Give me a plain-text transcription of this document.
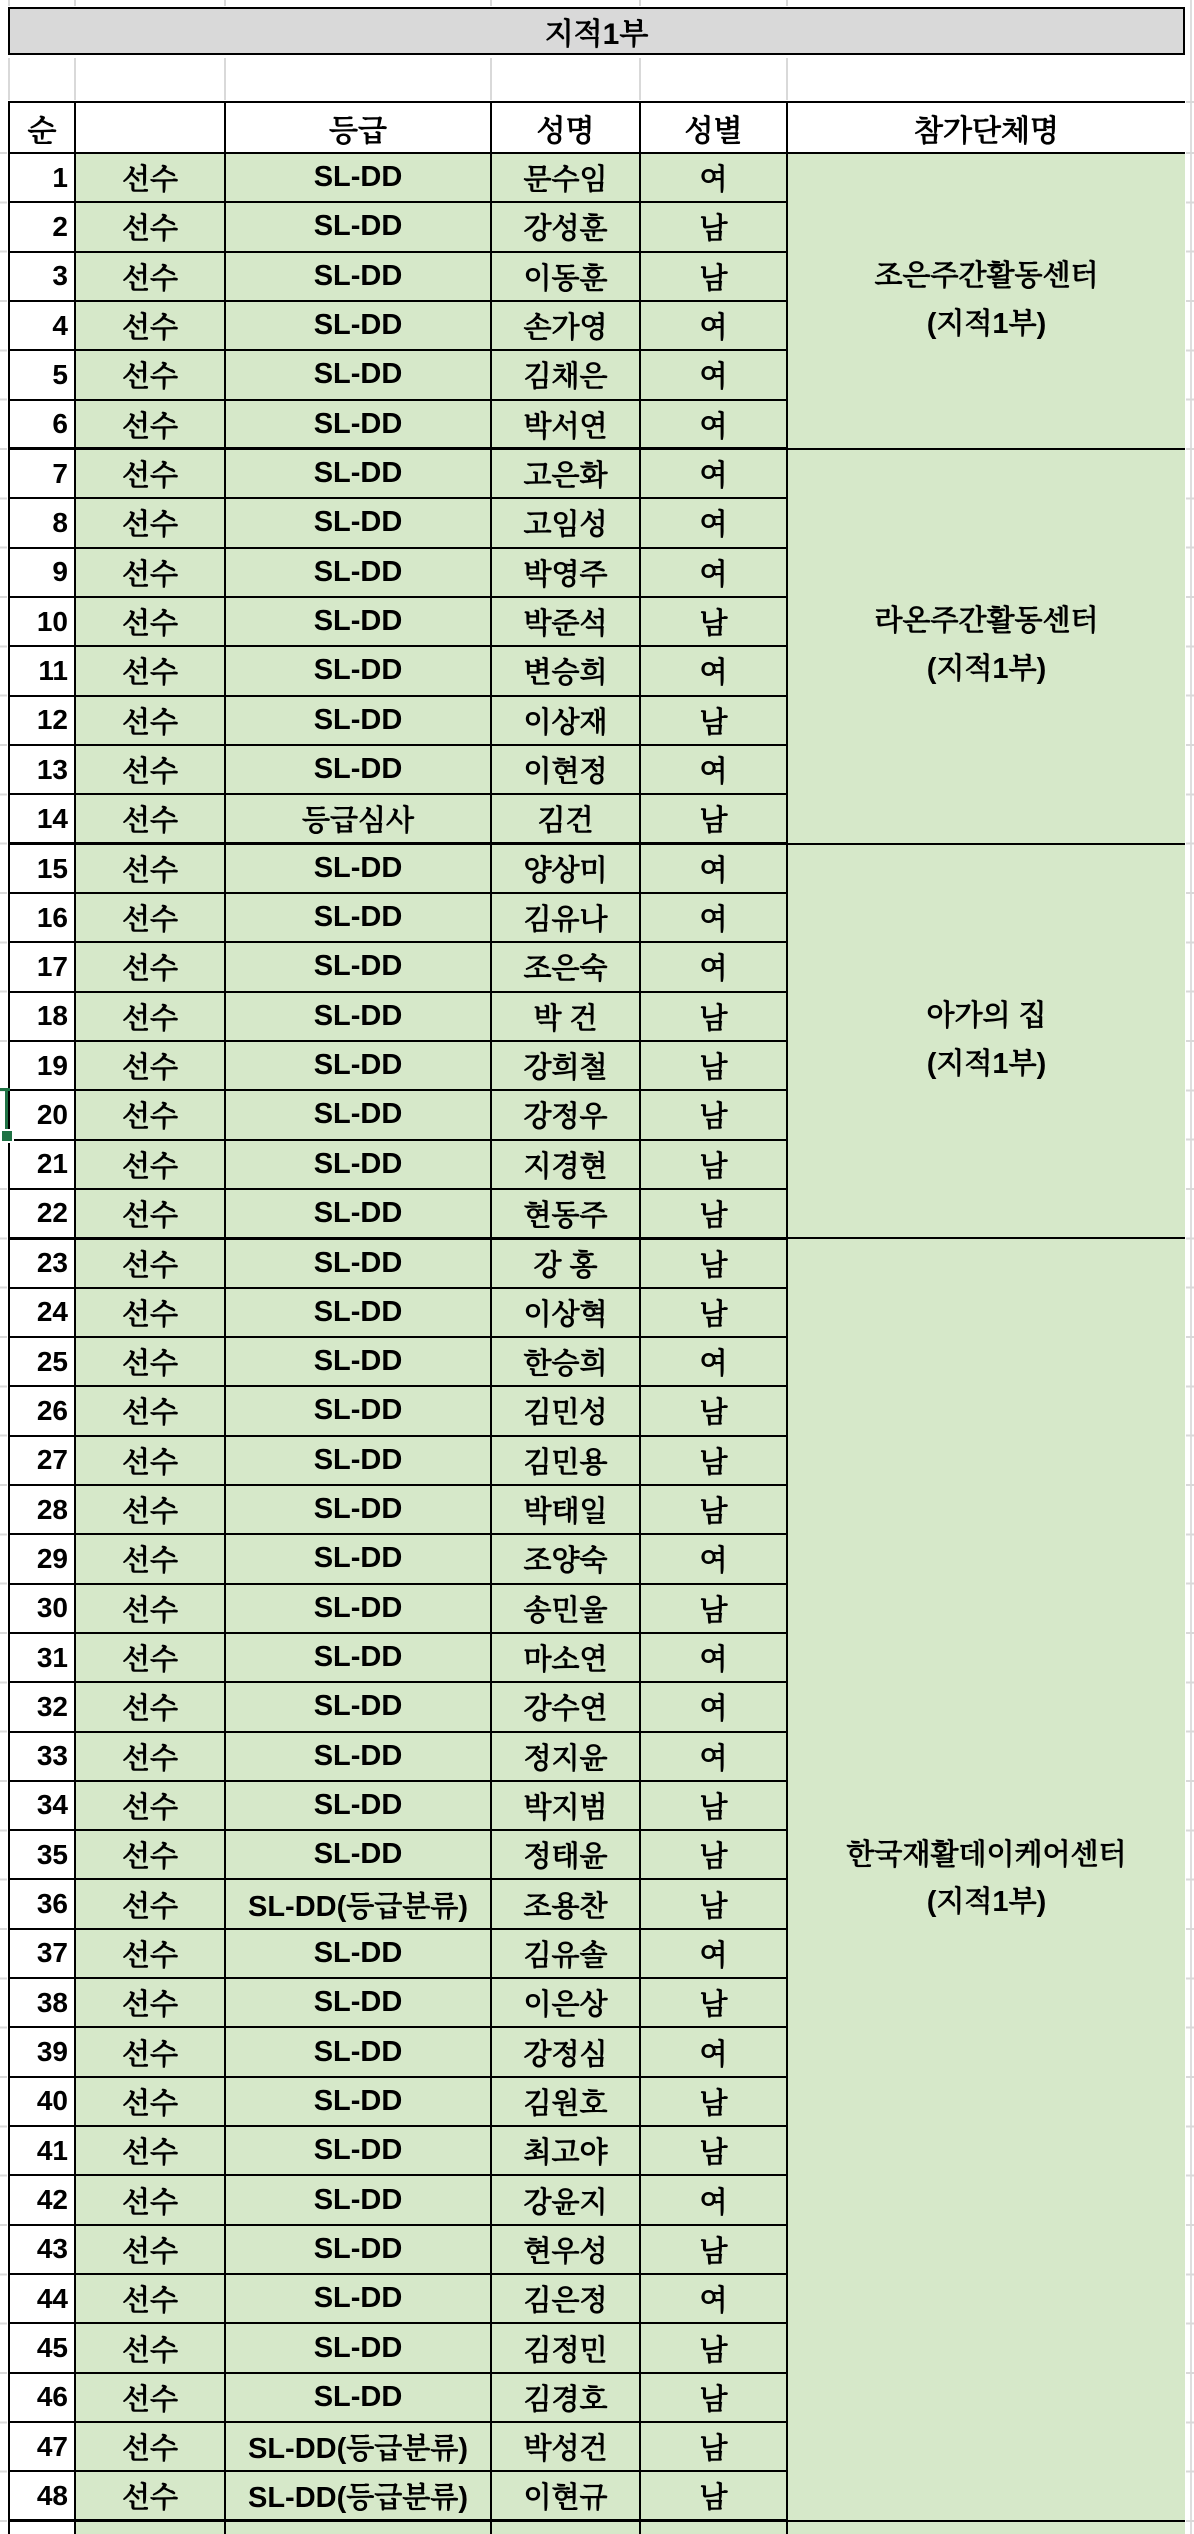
지적1부
순		등급	성명	성별	참가단체명
1	선수	SL-DD	문수임	여	조은주간활동센터
(지적1부)

2	선수	SL-DD	강성훈	남	
3	선수	SL-DD	이동훈	남	
4	선수	SL-DD	손가영	여	
5	선수	SL-DD	김채은	여	
6	선수	SL-DD	박서연	여	
7	선수	SL-DD	고은화	여	라온주간활동센터
(지적1부)

8	선수	SL-DD	고임성	여	
9	선수	SL-DD	박영주	여	
10	선수	SL-DD	박준석	남	
11	선수	SL-DD	변승희	여	
12	선수	SL-DD	이상재	남	
13	선수	SL-DD	이현정	여	
14	선수	등급심사	김건	남	
15	선수	SL-DD	양상미	여	아가의 집
(지적1부)

16	선수	SL-DD	김유나	여	
17	선수	SL-DD	조은숙	여	
18	선수	SL-DD	박 건	남	
19	선수	SL-DD	강희철	남	
20	선수	SL-DD	강정우	남	
21	선수	SL-DD	지경현	남	
22	선수	SL-DD	현동주	남	
23	선수	SL-DD	강 홍	남	한국재활데이케어센터
(지적1부)

24	선수	SL-DD	이상혁	남	
25	선수	SL-DD	한승희	여	
26	선수	SL-DD	김민성	남	
27	선수	SL-DD	김민용	남	
28	선수	SL-DD	박태일	남	
29	선수	SL-DD	조양숙	여	
30	선수	SL-DD	송민울	남	
31	선수	SL-DD	마소연	여	
32	선수	SL-DD	강수연	여	
33	선수	SL-DD	정지윤	여	
34	선수	SL-DD	박지범	남	
35	선수	SL-DD	정태윤	남	
36	선수	SL-DD(등급분류)	조용찬	남	
37	선수	SL-DD	김유솔	여	
38	선수	SL-DD	이은상	남	
39	선수	SL-DD	강정심	여	
40	선수	SL-DD	김원호	남	
41	선수	SL-DD	최고야	남	
42	선수	SL-DD	강윤지	여	
43	선수	SL-DD	현우성	남	
44	선수	SL-DD	김은정	여	
45	선수	SL-DD	김정민	남	
46	선수	SL-DD	김경호	남	
47	선수	SL-DD(등급분류)	박성건	남	
48	선수	SL-DD(등급분류)	이현규	남	
